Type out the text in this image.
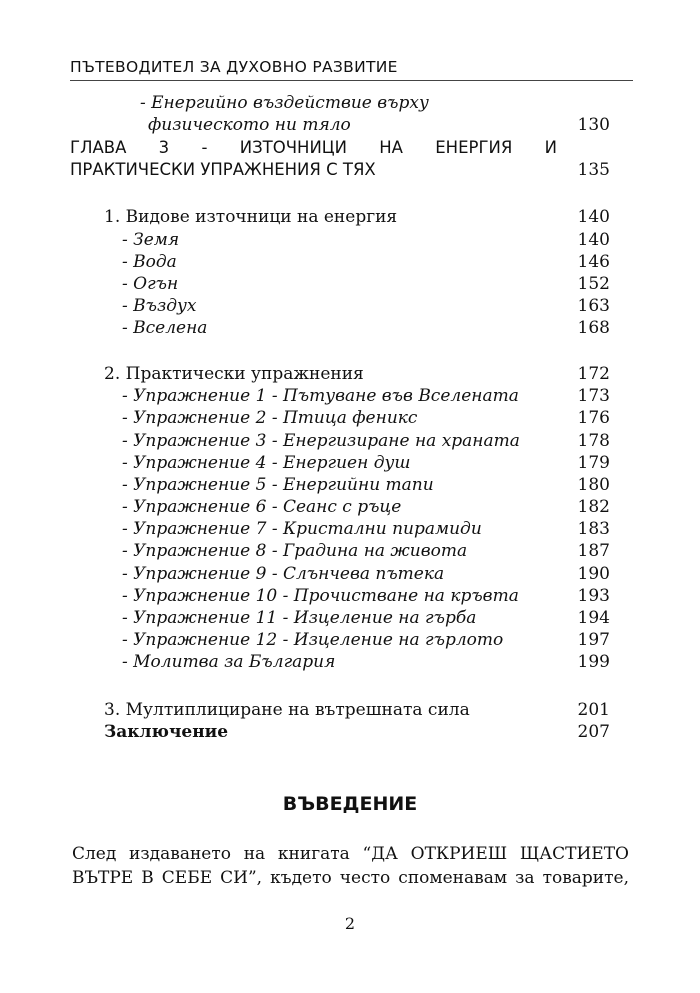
ПЪТЕВОДИТЕЛ ЗА ДУХОВНО РАЗВИТИЕ
- Енергийно въздействие върху
физическото ни тяло	130
ГЛАВА 3 - ИЗТОЧНИЦИ НА ЕНЕРГИЯ И
ПРАКТИЧЕСКИ УПРАЖНЕНИЯ С ТЯХ	135
1. Видове източници на енергия	140
- Земя	140
- Вода	146
- Огън	152
- Въздух	163
- Вселена	168
2. Практически упражнения	172
- Упражнение 1 - Пътуване във Вселената	173
- Упражнение 2 - Птица феникс	176
- Упражнение 3 - Енергизиране на храната	178
- Упражнение 4 - Енергиен душ	179
- Упражнение 5 - Енергийни тапи	180
- Упражнение 6 - Сеанс с ръце	182
- Упражнение 7 - Кристални пирамиди	183
- Упражнение 8 - Градина на живота	187
- Упражнение 9 - Слънчева пътека	190
- Упражнение 10 - Прочистване на кръвта	193
- Упражнение 11 - Изцеление на гърба	194
- Упражнение 12 - Изцеление на гърлото	197
- Молитва за България	199
3. Мултиплициране на вътрешната сила	201
Заключение	207
ВЪВЕДЕНИЕ
След издаването на книгата “ДА ОТКРИЕШ ЩАСТИЕТО
ВЪТРЕ В СЕБЕ СИ”, където често споменавам за товарите,
2
